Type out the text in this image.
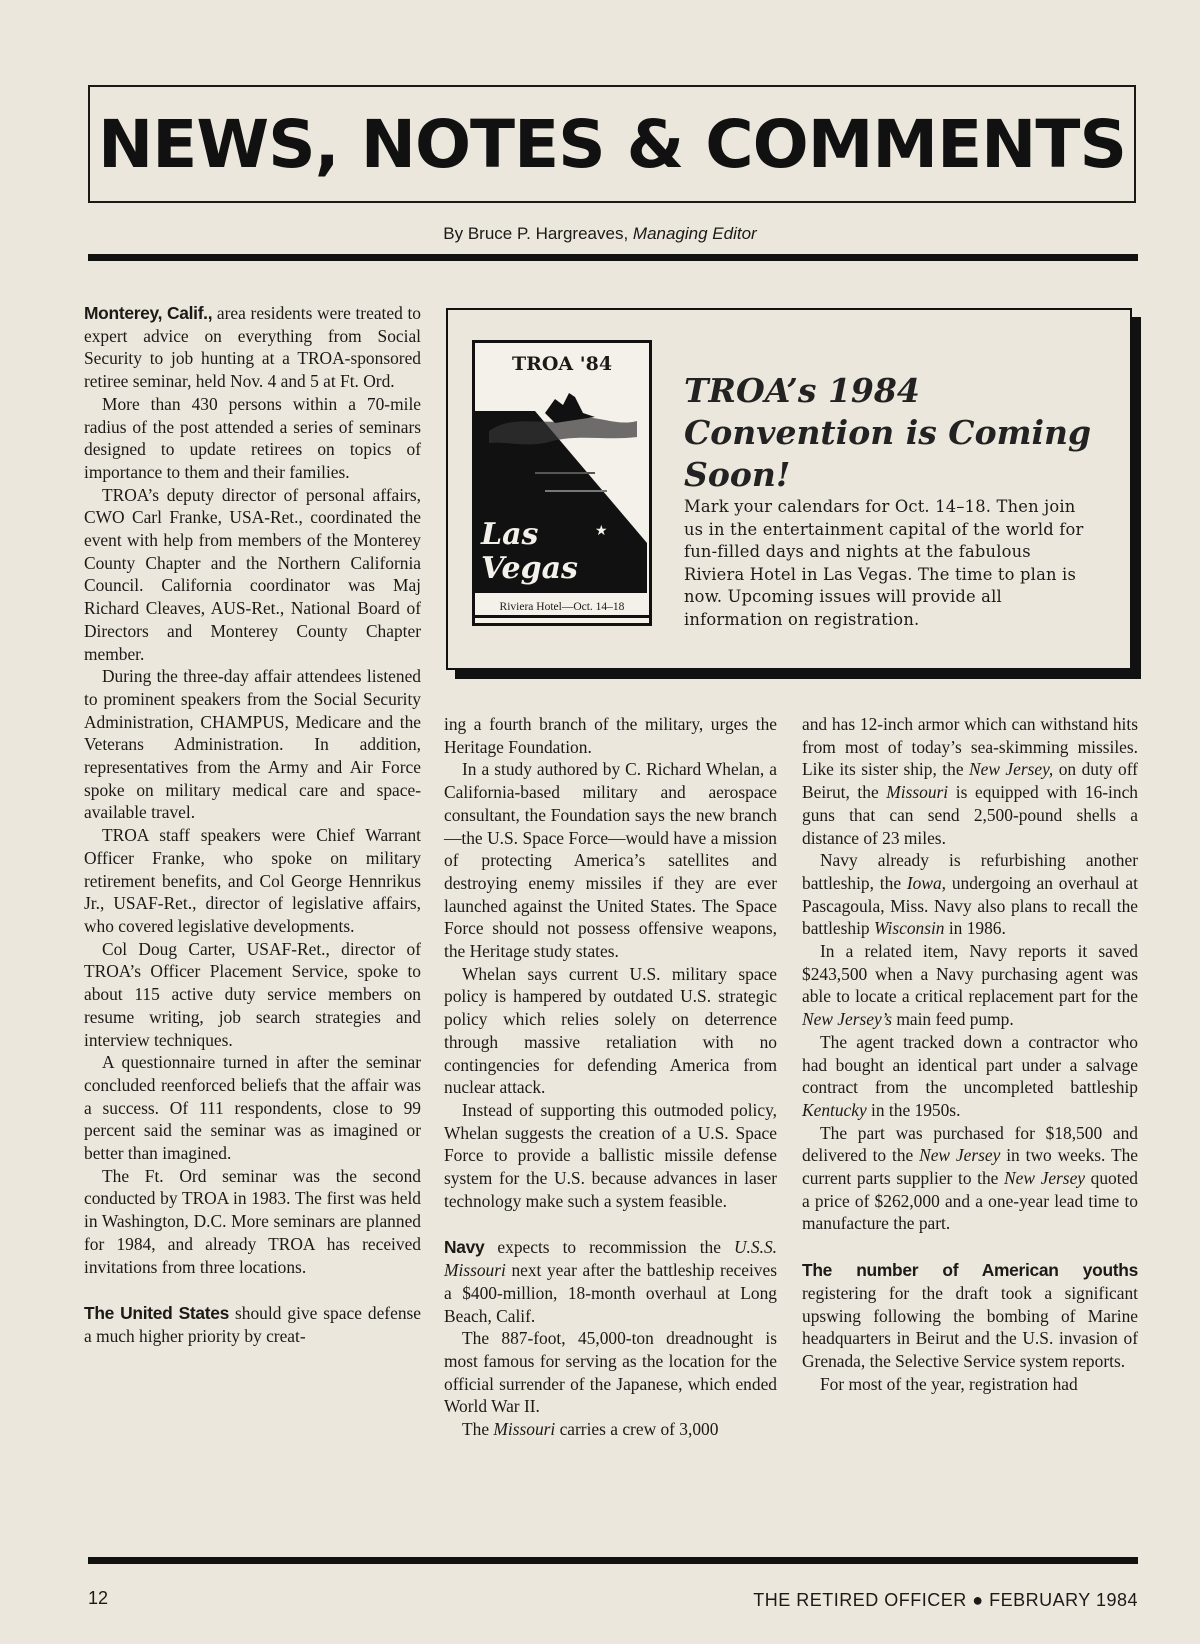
NEWS, NOTES & COMMENTS
By Bruce P. Hargreaves, Managing Editor

Monterey, Calif., area residents were treated to expert advice on everything from Social Security to job hunting at a TROA-sponsored retiree seminar, held Nov. 4 and 5 at Ft. Ord.

More than 430 persons within a 70-mile radius of the post attended a series of seminars designed to update retirees on topics of importance to them and their families.

TROA’s deputy director of personal affairs, CWO Carl Franke, USA-Ret., coordinated the event with help from members of the Monterey County Chapter and the Northern California Council. California coordinator was Maj Richard Cleaves, AUS-Ret., National Board of Directors and Monterey County Chapter member.

During the three-day affair attendees listened to prominent speakers from the Social Security Administration, CHAMPUS, Medicare and the Veterans Administration. In addition, representatives from the Army and Air Force spoke on military medical care and space-available travel.

TROA staff speakers were Chief Warrant Officer Franke, who spoke on military retirement benefits, and Col George Hennrikus Jr., USAF-Ret., director of legislative affairs, who covered legislative developments.

Col Doug Carter, USAF-Ret., director of TROA’s Officer Placement Service, spoke to about 115 active duty service members on resume writing, job search strategies and interview techniques.

A questionnaire turned in after the seminar concluded reenforced beliefs that the affair was a success. Of 111 respondents, close to 99 percent said the seminar was as imagined or better than imagined.

The Ft. Ord seminar was the second conducted by TROA in 1983. The first was held in Washington, D.C. More seminars are planned for 1984, and already TROA has received invitations from three locations.

The United States should give space defense a much higher priority by creat-

★
TROA '84
Las
Vegas
Riviera Hotel—Oct. 14–18
TROA’s 1984 Convention is Coming Soon!
Mark your calendars for Oct. 14–18. Then join us in the entertainment capital of the world for fun-filled days and nights at the fabulous Riviera Hotel in Las Vegas. The time to plan is now. Upcoming issues will provide all information on registration.

ing a fourth branch of the military, urges the Heritage Foundation.

In a study authored by C. Richard Whelan, a California-based military and aerospace consultant, the Foundation says the new branch—the U.S. Space Force—would have a mission of protecting America’s satellites and destroying enemy missiles if they are ever launched against the United States. The Space Force should not possess offensive weapons, the Heritage study states.

Whelan says current U.S. military space policy is hampered by outdated U.S. strategic policy which relies solely on deterrence through massive retaliation with no contingencies for defending America from nuclear attack.

Instead of supporting this outmoded policy, Whelan suggests the creation of a U.S. Space Force to provide a ballistic missile defense system for the U.S. because advances in laser technology make such a system feasible.

Navy expects to recommission the U.S.S. Missouri next year after the battleship receives a $400-million, 18-month overhaul at Long Beach, Calif.

The 887-foot, 45,000-ton dreadnought is most famous for serving as the location for the official surrender of the Japanese, which ended World War II.

The Missouri carries a crew of 3,000

and has 12-inch armor which can withstand hits from most of today’s sea-skimming missiles. Like its sister ship, the New Jersey, on duty off Beirut, the Missouri is equipped with 16-inch guns that can send 2,500-pound shells a distance of 23 miles.

Navy already is refurbishing another battleship, the Iowa, undergoing an overhaul at Pascagoula, Miss. Navy also plans to recall the battleship Wisconsin in 1986.

In a related item, Navy reports it saved $243,500 when a Navy purchasing agent was able to locate a critical replacement part for the New Jersey’s main feed pump.

The agent tracked down a contractor who had bought an identical part under a salvage contract from the uncompleted battleship Kentucky in the 1950s.

The part was purchased for $18,500 and delivered to the New Jersey in two weeks. The current parts supplier to the New Jersey quoted a price of $262,000 and a one-year lead time to manufacture the part.

The number of American youths registering for the draft took a significant upswing following the bombing of Marine headquarters in Beirut and the U.S. invasion of Grenada, the Selective Service system reports.

For most of the year, registration had

12	THE RETIRED OFFICER ● FEBRUARY 1984
